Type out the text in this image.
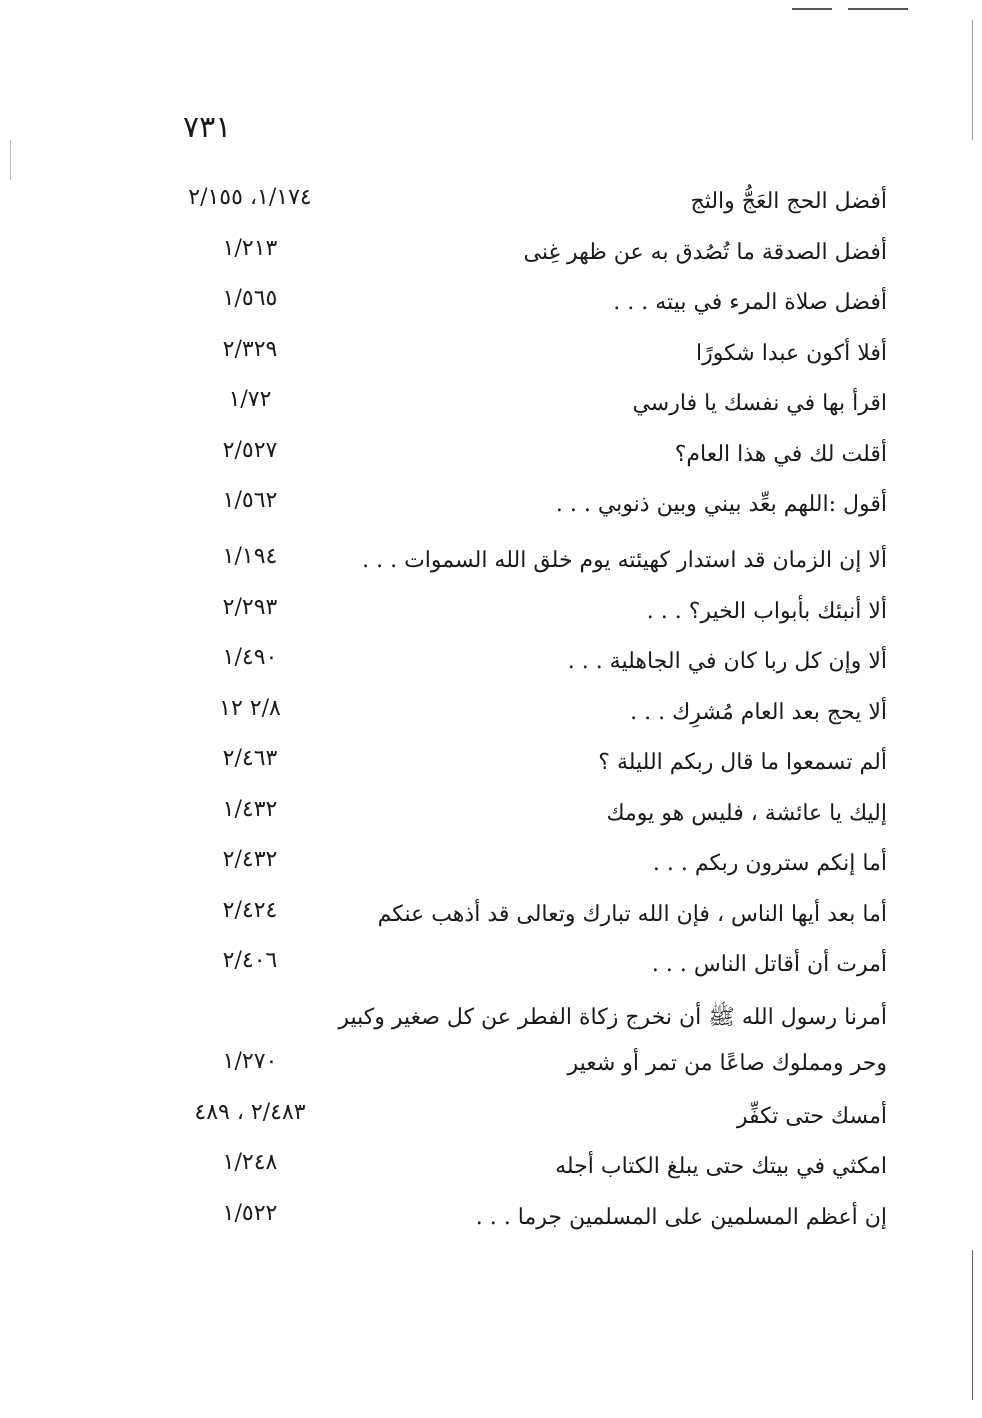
٧٣١
أفضل الحج العَجُّ والثج
١/١٧٤، ٢/١٥٥
أفضل الصدقة ما تُصُدق به عن ظهر غِنى
١/٢١٣
أفضل صلاة المرء في بيته . . .
١/٥٦٥
أفلا أكون عبدا شكورًا
٢/٣٢٩
اقرأ بها في نفسك يا فارسي
١/٧٢
أقلت لك في هذا العام؟
٢/٥٢٧
أقول :اللهم بعِّد بيني وبين ذنوبي . . .
١/٥٦٢
ألا إن الزمان قد استدار كهيئته يوم خلق الله السموات . . .
١/١٩٤
ألا أنبئك بأبواب الخير؟ . . .
٢/٢٩٣
ألا وإن كل ربا كان في الجاهلية . . .
١/٤٩٠
ألا يحج بعد العام مُشرِك . . .
٢/٨ ١٢
ألم تسمعوا ما قال ربكم الليلة ؟
٢/٤٦٣
إليك يا عائشة ، فليس هو يومك
١/٤٣٢
أما إنكم سترون ربكم . . .
٢/٤٣٢
أما بعد أيها الناس ، فإن الله تبارك وتعالى قد أذهب عنكم
٢/٤٢٤
أمرت أن أقاتل الناس . . .
٢/٤٠٦
أمرنا رسول الله ﷺ أن نخرج زكاة الفطر عن كل صغير وكبير
وحر ومملوك صاعًا من تمر أو شعير
١/٢٧٠
أمسك حتى تكفِّر
٢/٤٨٣ ، ٤٨٩
امكثي في بيتك حتى يبلغ الكتاب أجله
١/٢٤٨
إن أعظم المسلمين على المسلمين جرما . . .
١/٥٢٢
